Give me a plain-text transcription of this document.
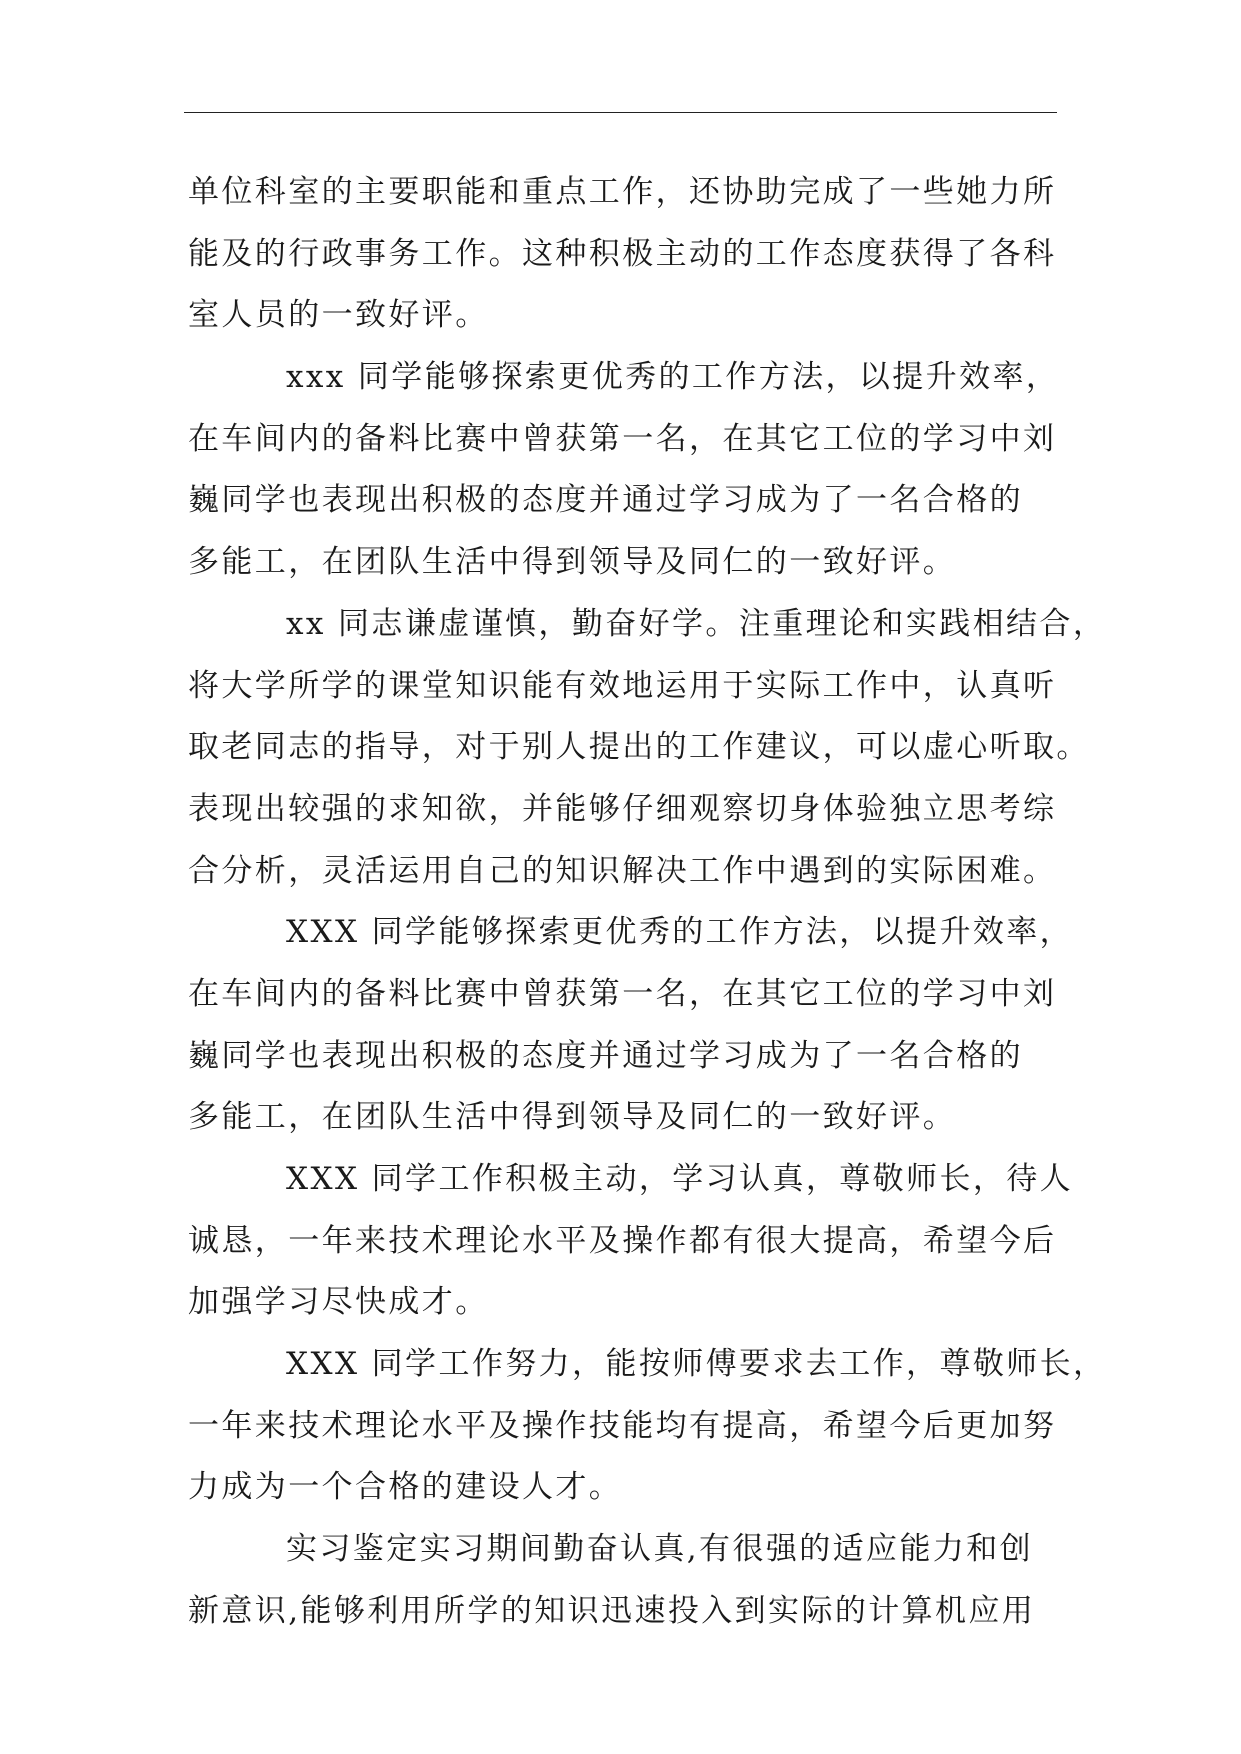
单位科室的主要职能和重点工作，还协助完成了一些她力所
能及的行政事务工作。这种积极主动的工作态度获得了各科
室人员的一致好评。
xxx 同学能够探索更优秀的工作方法，以提升效率，
在车间内的备料比赛中曾获第一名，在其它工位的学习中刘
巍同学也表现出积极的态度并通过学习成为了一名合格的
多能工，在团队生活中得到领导及同仁的一致好评。
xx 同志谦虚谨慎，勤奋好学。注重理论和实践相结合，
将大学所学的课堂知识能有效地运用于实际工作中，认真听
取老同志的指导，对于别人提出的工作建议，可以虚心听取。
表现出较强的求知欲，并能够仔细观察切身体验独立思考综
合分析，灵活运用自己的知识解决工作中遇到的实际困难。
XXX 同学能够探索更优秀的工作方法，以提升效率，
在车间内的备料比赛中曾获第一名，在其它工位的学习中刘
巍同学也表现出积极的态度并通过学习成为了一名合格的
多能工，在团队生活中得到领导及同仁的一致好评。
XXX 同学工作积极主动，学习认真，尊敬师长，待人
诚恳，一年来技术理论水平及操作都有很大提高，希望今后
加强学习尽快成才。
XXX 同学工作努力，能按师傅要求去工作，尊敬师长，
一年来技术理论水平及操作技能均有提高，希望今后更加努
力成为一个合格的建设人才。
实习鉴定实习期间勤奋认真,有很强的适应能力和创
新意识,能够利用所学的知识迅速投入到实际的计算机应用
